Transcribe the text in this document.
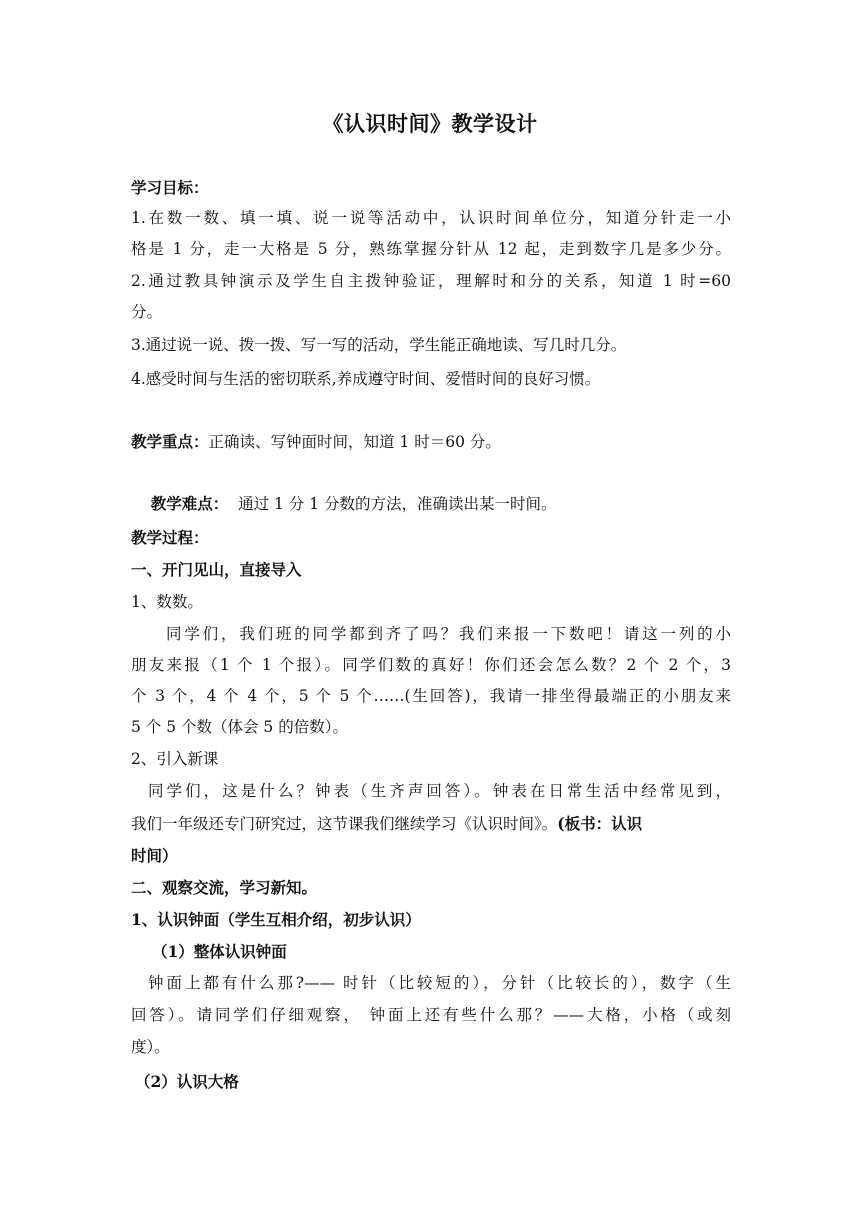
《认识时间》教学设计
学习目标：
1.在数一数、填一填、说一说等活动中，认识时间单位分，知道分针走一小
格是 1 分，走一大格是 5 分，熟练掌握分针从 12 起，走到数字几是多少分。
2.通过教具钟演示及学生自主拨钟验证，理解时和分的关系，知道 1 时=60
分。
3.通过说一说、拨一拨、写一写的活动，学生能正确地读、写几时几分。
4.感受时间与生活的密切联系,养成遵守时间、爱惜时间的良好习惯。
教学重点：正确读、写钟面时间，知道 1 时＝60 分。

教学难点：  通过 1 分 1 分数的方法，准确读出某一时间。

教学过程：
一、开门见山，直接导入
1、数数。
同学们，我们班的同学都到齐了吗？我们来报一下数吧！请这一列的小
朋友来报（1 个 1 个报）。同学们数的真好！你们还会怎么数？2 个 2 个，3
个 3 个，4 个 4 个，5 个 5 个……(生回答)，我请一排坐得最端正的小朋友来
5 个 5 个数（体会 5 的倍数）。
2、引入新课
同学们，这是什么？钟表（生齐声回答）。钟表在日常生活中经常见到，
我们一年级还专门研究过，这节课我们继续学习《认识时间》。(板书：认识
时间）
二、观察交流，学习新知。
1、认识钟面（学生互相介绍，初步认识）
（1）整体认识钟面
钟面上都有什么那?—— 时针（比较短的），分针（比较长的），数字（生
回答）。请同学们仔细观察， 钟面上还有些什么那？——大格，小格（或刻
度）。
（2）认识大格
